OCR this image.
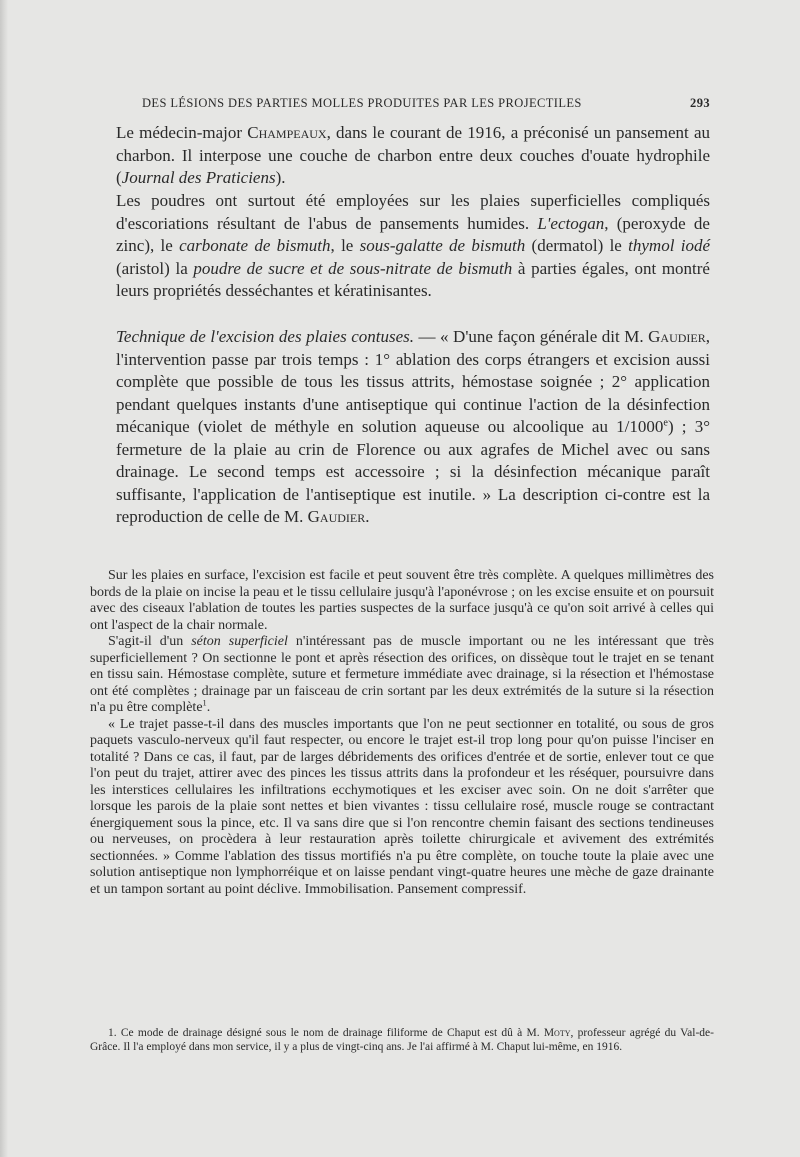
DES LÉSIONS DES PARTIES MOLLES PRODUITES PAR LES PROJECTILES	293

Le médecin-major Champeaux, dans le courant de 1916, a préconisé un pansement au charbon. Il interpose une couche de charbon entre deux couches d'ouate hydrophile (Journal des Praticiens).

Les poudres ont surtout été employées sur les plaies superficielles compliqués d'escoriations résultant de l'abus de pansements humides. L'ectogan, (peroxyde de zinc), le carbonate de bismuth, le sous-galatte de bismuth (dermatol) le thymol iodé (aristol) la poudre de sucre et de sous-nitrate de bismuth à parties égales, ont montré leurs propriétés desséchantes et kératinisantes.

Technique de l'excision des plaies contuses. — « D'une façon générale dit M. Gaudier, l'intervention passe par trois temps : 1° ablation des corps étrangers et excision aussi complète que possible de tous les tissus attrits, hémostase soignée ; 2° application pendant quelques instants d'une antiseptique qui continue l'action de la désinfection mécanique (violet de méthyle en solution aqueuse ou alcoolique au 1/1000e) ; 3° fermeture de la plaie au crin de Florence ou aux agrafes de Michel avec ou sans drainage. Le second temps est accessoire ; si la désinfection mécanique paraît suffisante, l'application de l'antiseptique est inutile. » La description ci-contre est la reproduction de celle de M. Gaudier.

Sur les plaies en surface, l'excision est facile et peut souvent être très complète. A quelques millimètres des bords de la plaie on incise la peau et le tissu cellulaire jusqu'à l'aponévrose ; on les excise ensuite et on poursuit avec des ciseaux l'ablation de toutes les parties suspectes de la surface jusqu'à ce qu'on soit arrivé à celles qui ont l'aspect de la chair normale.

S'agit-il d'un séton superficiel n'intéressant pas de muscle important ou ne les intéressant que très superficiellement ? On sectionne le pont et après résection des orifices, on dissèque tout le trajet en se tenant en tissu sain. Hémostase complète, suture et fermeture immédiate avec drainage, si la résection et l'hémostase ont été complètes ; drainage par un faisceau de crin sortant par les deux extrémités de la suture si la résection n'a pu être complète$^1$.

« Le trajet passe-t-il dans des muscles importants que l'on ne peut sectionner en totalité, ou sous de gros paquets vasculo-nerveux qu'il faut respecter, ou encore le trajet est-il trop long pour qu'on puisse l'inciser en totalité ? Dans ce cas, il faut, par de larges débridements des orifices d'entrée et de sortie, enlever tout ce que l'on peut du trajet, attirer avec des pinces les tissus attrits dans la profondeur et les réséquer, poursuivre dans les interstices cellulaires les infiltrations ecchymotiques et les exciser avec soin. On ne doit s'arrêter que lorsque les parois de la plaie sont nettes et bien vivantes : tissu cellulaire rosé, muscle rouge se contractant énergiquement sous la pince, etc. Il va sans dire que si l'on rencontre chemin faisant des sections tendineuses ou nerveuses, on procèdera à leur restauration après toilette chirurgicale et avivement des extrémités sectionnées. » Comme l'ablation des tissus mortifiés n'a pu être complète, on touche toute la plaie avec une solution antiseptique non lymphorréique et on laisse pendant vingt-quatre heures une mèche de gaze drainante et un tampon sortant au point déclive. Immobilisation. Pansement compressif.

1. Ce mode de drainage désigné sous le nom de drainage filiforme de Chaput est dû à M. Moty, professeur agrégé du Val-de-Grâce. Il l'a employé dans mon service, il y a plus de vingt-cinq ans. Je l'ai affirmé à M. Chaput lui-même, en 1916.
